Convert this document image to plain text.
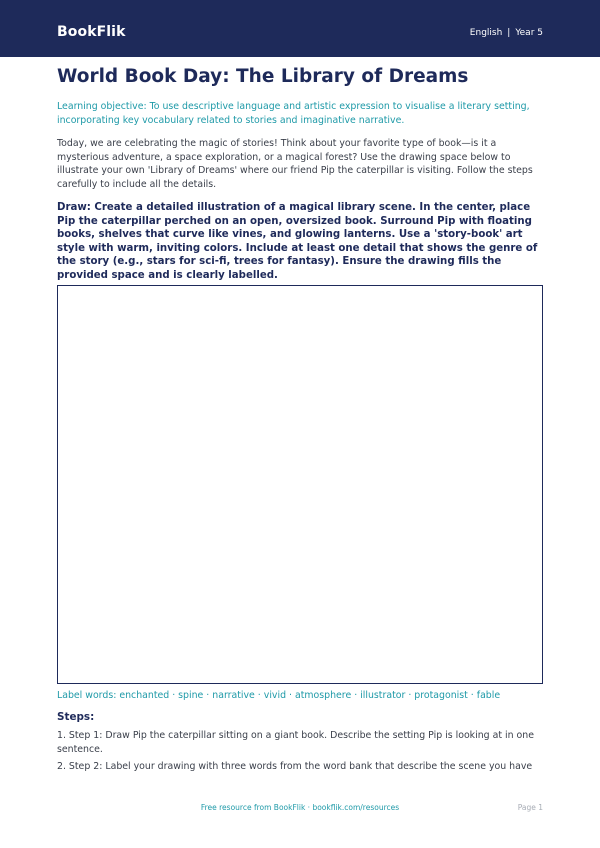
BookFlik	English | Year 5
World Book Day: The Library of Dreams

Learning objective: To use descriptive language and artistic expression to visualise a literary setting, incorporating key vocabulary related to stories and imaginative narrative.

Today, we are celebrating the magic of stories! Think about your favorite type of book—is it a mysterious adventure, a space exploration, or a magical forest? Use the drawing space below to illustrate your own 'Library of Dreams' where our friend Pip the caterpillar is visiting. Follow the steps carefully to include all the details.

Draw: Create a detailed illustration of a magical library scene. In the center, place Pip the caterpillar perched on an open, oversized book. Surround Pip with floating books, shelves that curve like vines, and glowing lanterns. Use a 'story-book' art style with warm, inviting colors. Include at least one detail that shows the genre of the story (e.g., stars for sci-fi, trees for fantasy). Ensure the drawing fills the provided space and is clearly labelled.

Label words: enchanted · spine · narrative · vivid · atmosphere · illustrator · protagonist · fable

Steps:

1. Step 1: Draw Pip the caterpillar sitting on a giant book. Describe the setting Pip is looking at in one sentence.
2. Step 2: Label your drawing with three words from the word bank that describe the scene you have
Free resource from BookFlik · bookflik.com/resources	Page 1
